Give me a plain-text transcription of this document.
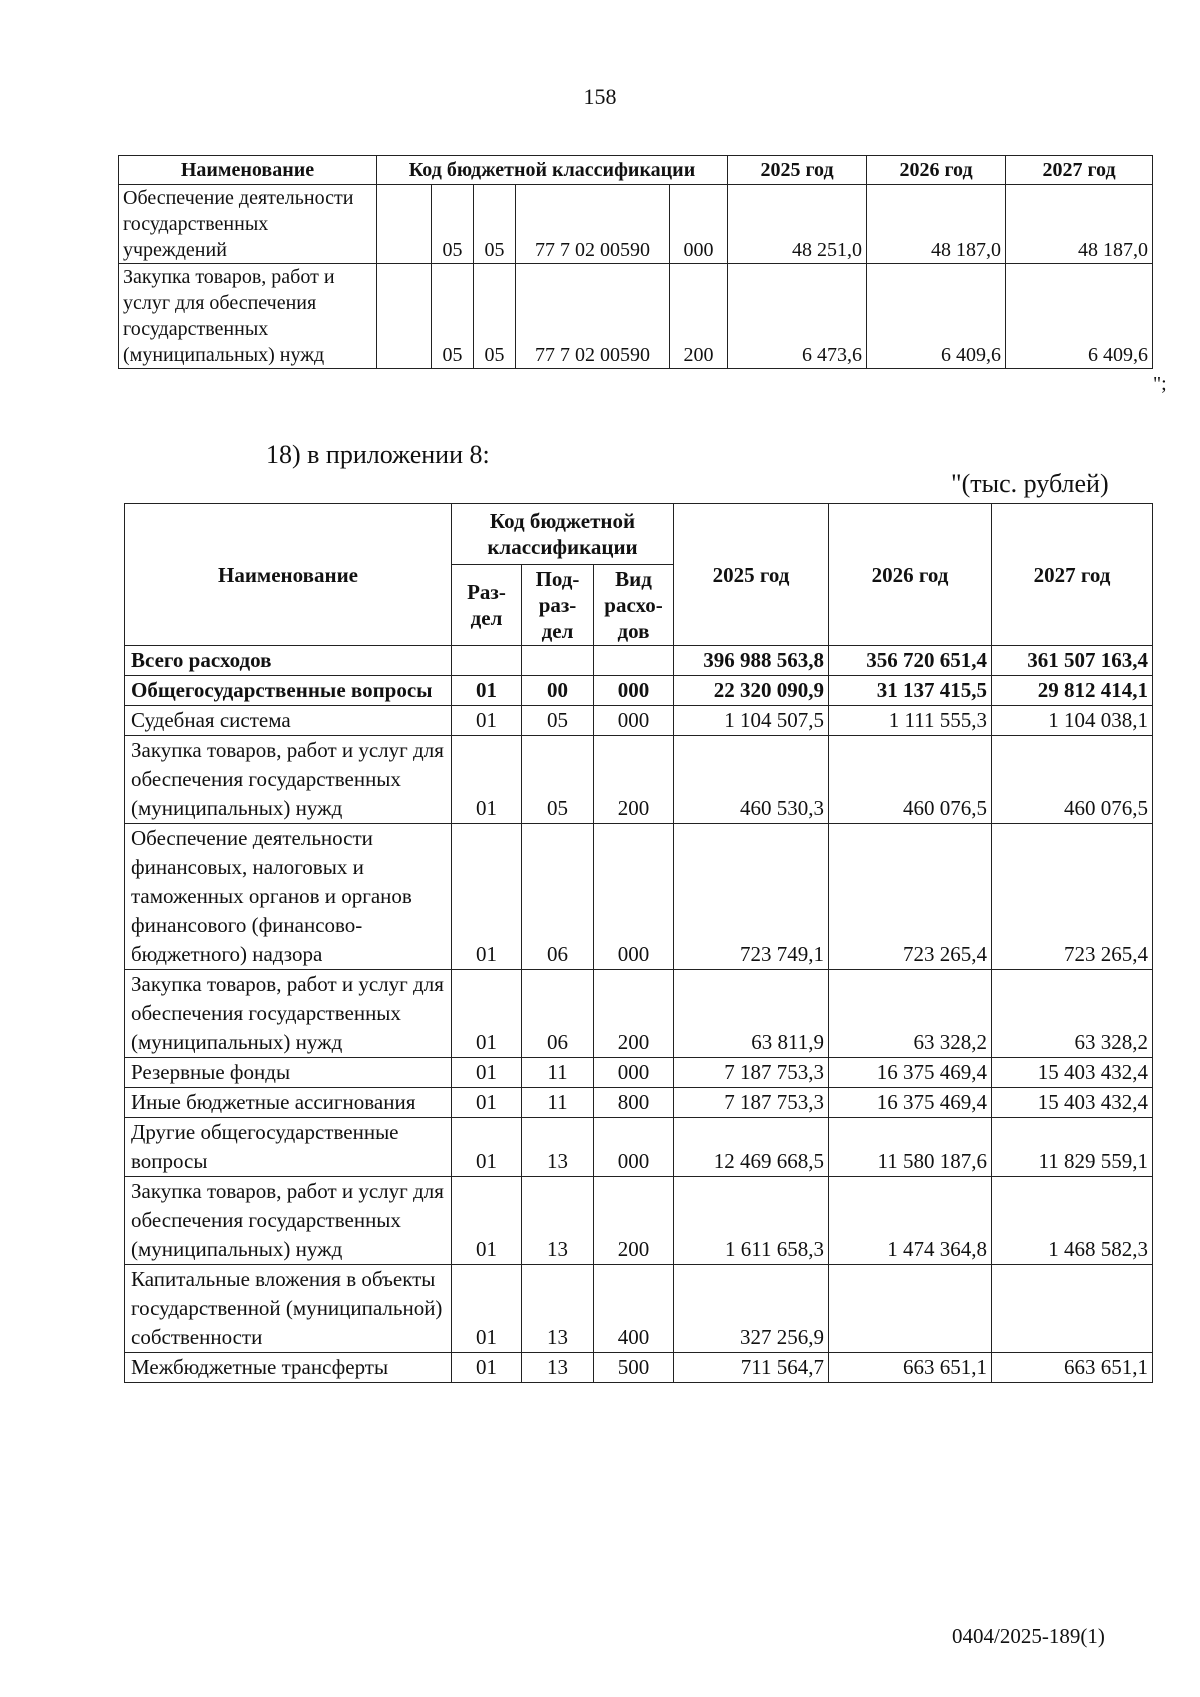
158
Наименование	Код бюджетной классификации					2025 год	2026 год	2027 год
Обеспечение деятельности государственных учреждений		05	05	77 7 02 00590	000	48 251,0	48 187,0	48 187,0
Закупка товаров, работ и услуг для обеспечения государственных (муниципальных) нужд		05	05	77 7 02 00590	200	6 473,6	6 409,6	6 409,6
";
18) в приложении 8:
"(тыс. рублей)
Наименование	Код бюджетной классификации			2025 год	2026 год	2027 год
	Раз- дел	Под- раз- дел	Вид расхо- дов			
Всего расходов				396 988 563,8	356 720 651,4	361 507 163,4
Общегосударственные вопросы	01	00	000	22 320 090,9	31 137 415,5	29 812 414,1
Судебная система	01	05	000	1 104 507,5	1 111 555,3	1 104 038,1
Закупка товаров, работ и услуг для обеспечения государственных (муниципальных) нужд	01	05	200	460 530,3	460 076,5	460 076,5
Обеспечение деятельности финансовых, налоговых и таможенных органов и органов финансового (финансово-бюджетного) надзора	01	06	000	723 749,1	723 265,4	723 265,4
Закупка товаров, работ и услуг для обеспечения государственных (муниципальных) нужд	01	06	200	63 811,9	63 328,2	63 328,2
Резервные фонды	01	11	000	7 187 753,3	16 375 469,4	15 403 432,4
Иные бюджетные ассигнования	01	11	800	7 187 753,3	16 375 469,4	15 403 432,4
Другие общегосударственные вопросы	01	13	000	12 469 668,5	11 580 187,6	11 829 559,1
Закупка товаров, работ и услуг для обеспечения государственных (муниципальных) нужд	01	13	200	1 611 658,3	1 474 364,8	1 468 582,3
Капитальные вложения в объекты государственной (муниципальной) собственности	01	13	400	327 256,9		
Межбюджетные трансферты	01	13	500	711 564,7	663 651,1	663 651,1
0404/2025-189(1)
